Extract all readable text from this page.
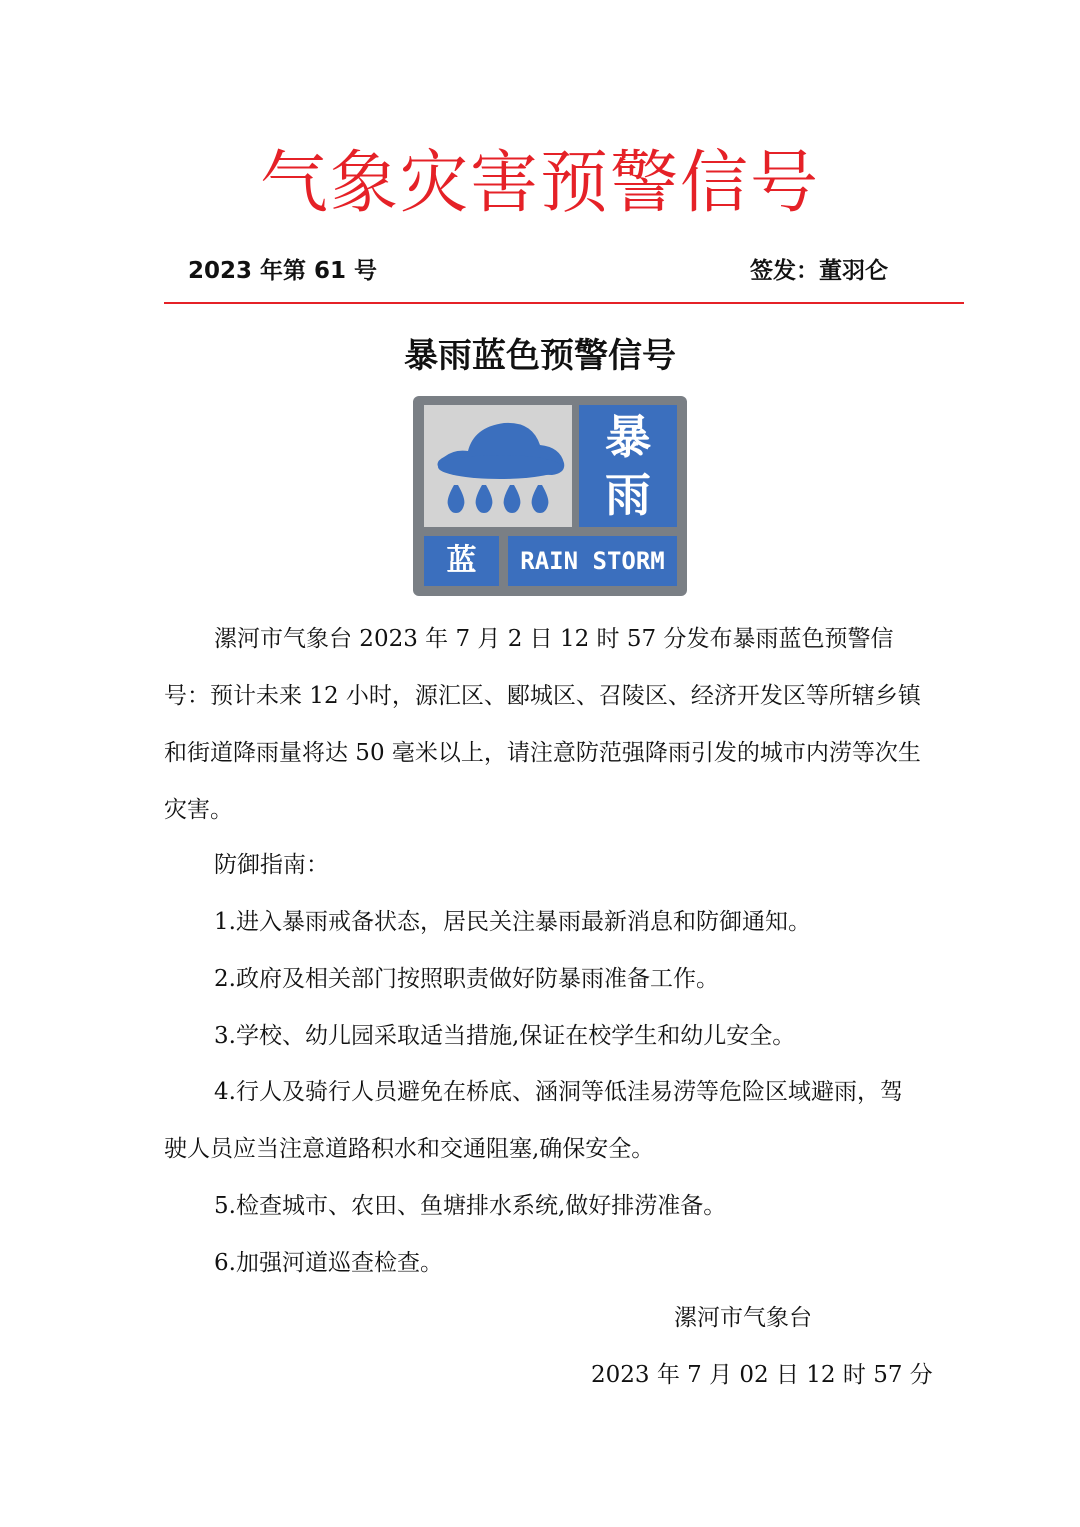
气象灾害预警信号
2023 年第 61 号	签发：董羽仑
暴雨蓝色预警信号
暴
雨
蓝	RAIN STORM

漯河市气象台 2023 年 7 月 2 日 12 时 57 分发布暴雨蓝色预警信号：预计未来 12 小时，源汇区、郾城区、召陵区、经济开发区等所辖乡镇和街道降雨量将达 50 毫米以上，请注意防范强降雨引发的城市内涝等次生灾害。

防御指南：

1.进入暴雨戒备状态，居民关注暴雨最新消息和防御通知。

2.政府及相关部门按照职责做好防暴雨准备工作。

3.学校、幼儿园采取适当措施,保证在校学生和幼儿安全。

4.行人及骑行人员避免在桥底、涵洞等低洼易涝等危险区域避雨，驾驶人员应当注意道路积水和交通阻塞,确保安全。

5.检查城市、农田、鱼塘排水系统,做好排涝准备。

6.加强河道巡查检查。

漯河市气象台

2023 年 7 月 02 日 12 时 57 分
